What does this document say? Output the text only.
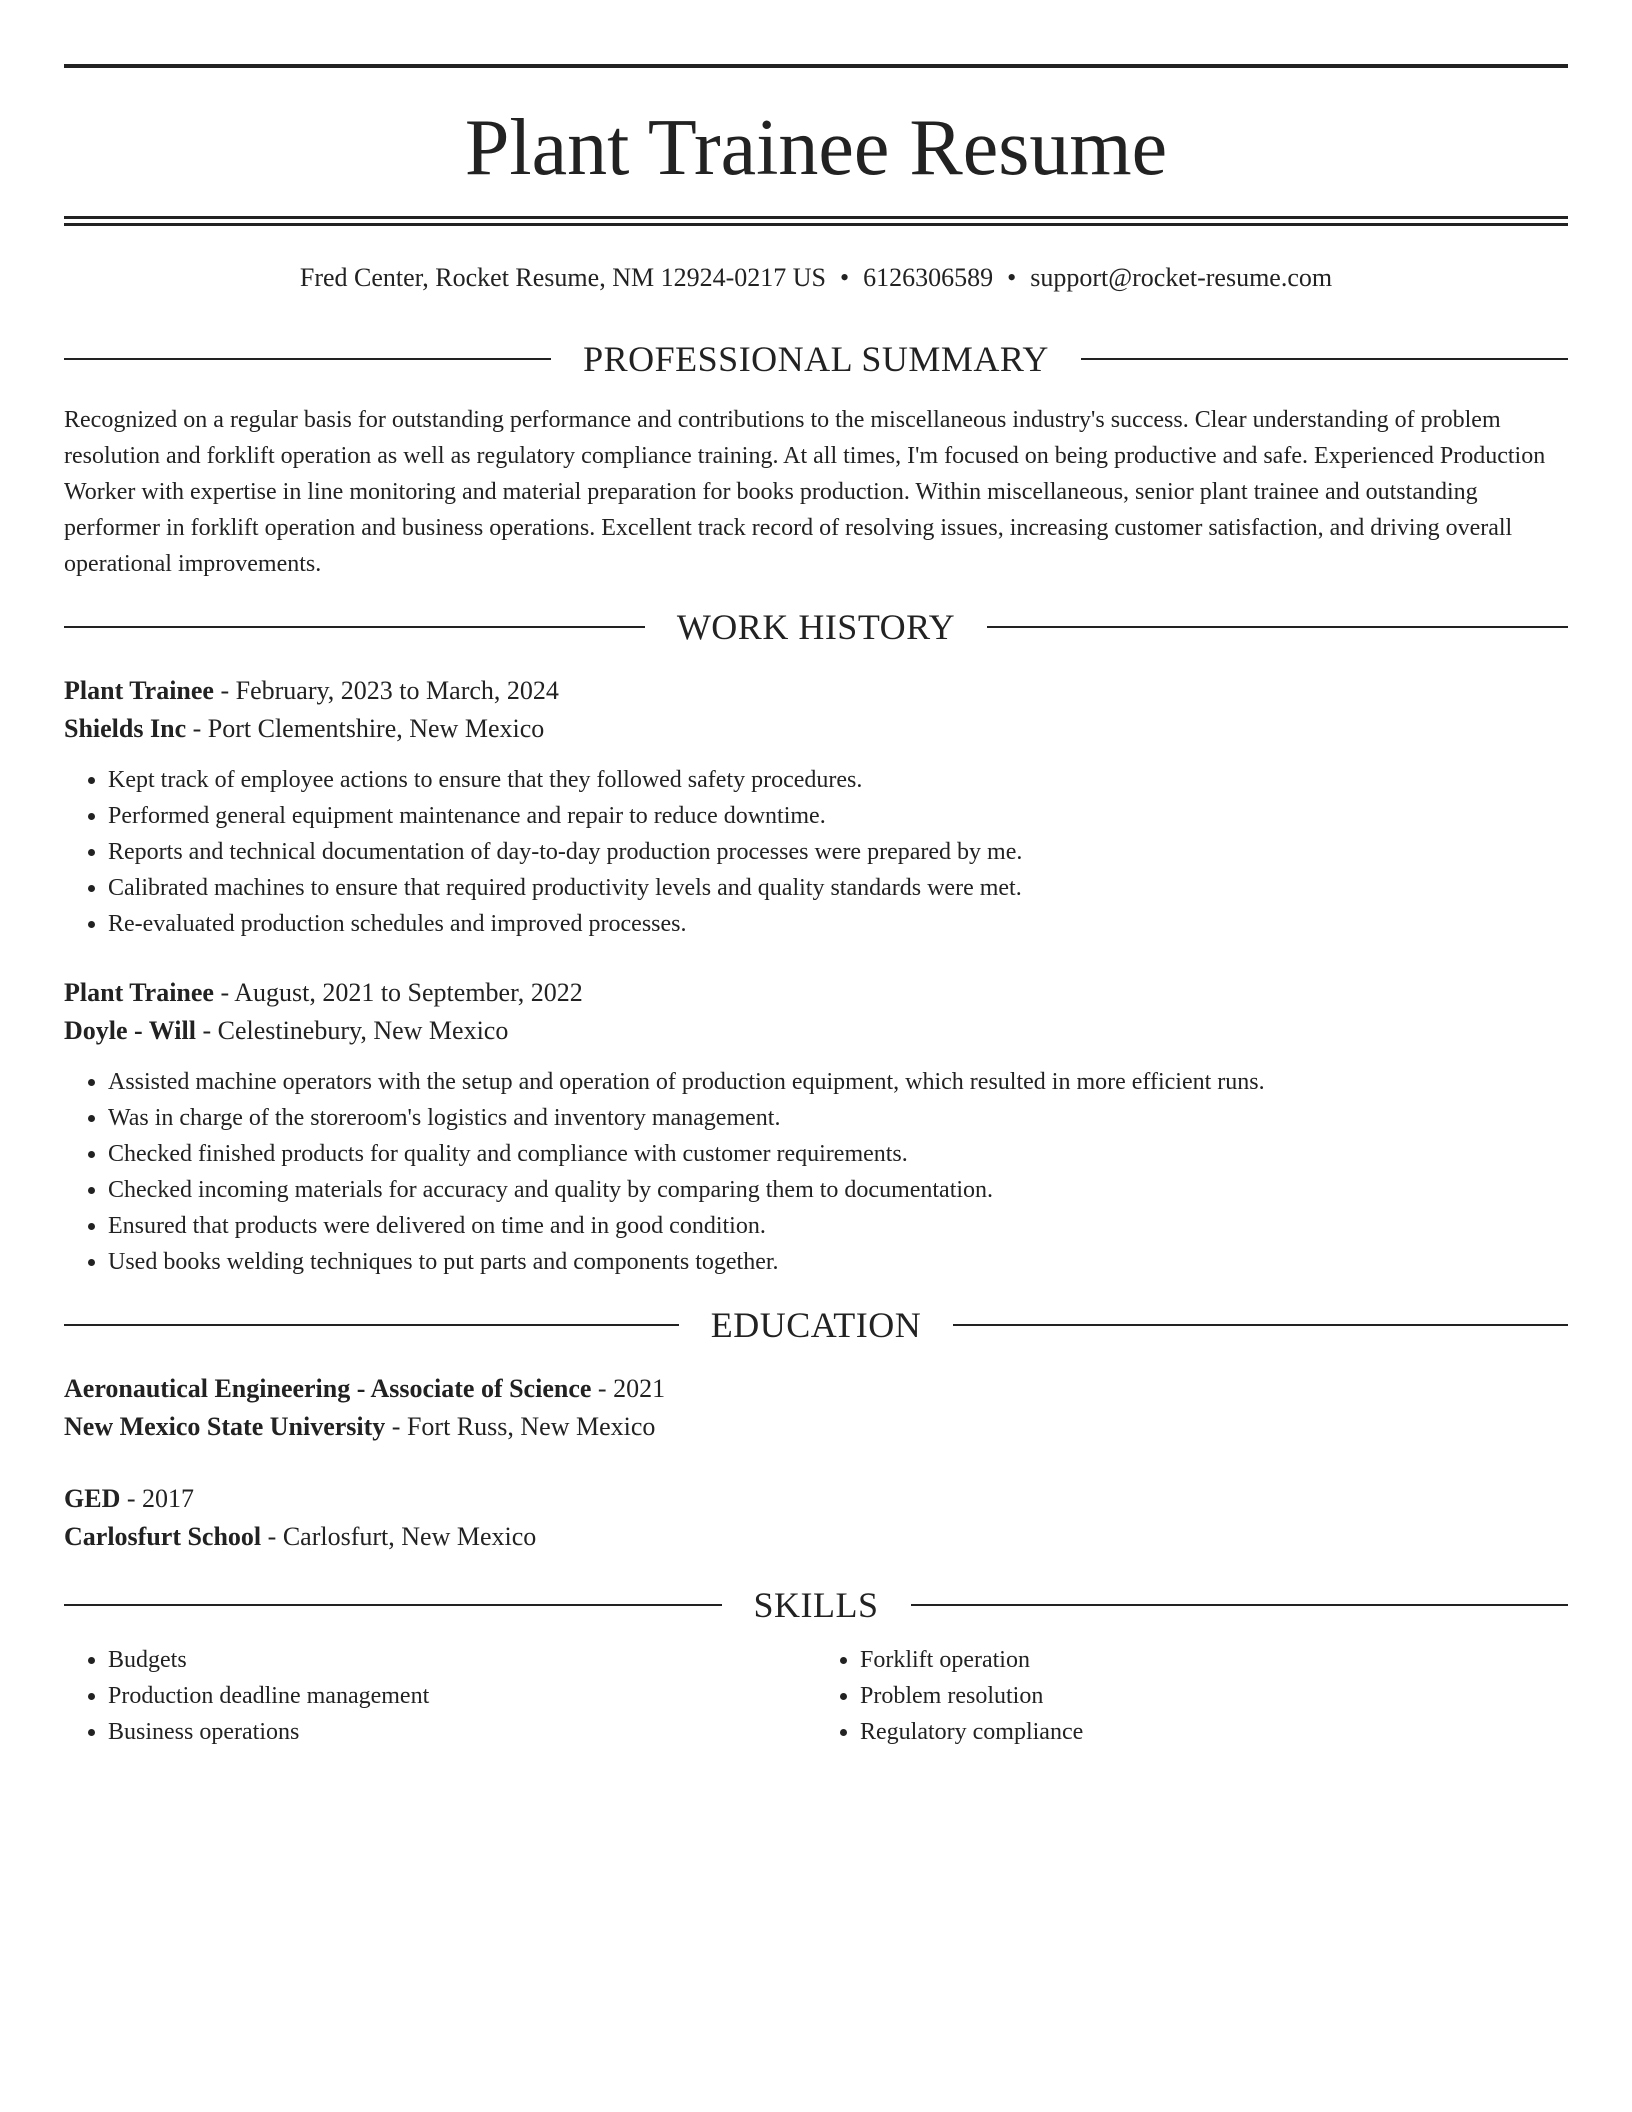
Plant Trainee Resume
Fred Center, Rocket Resume, NM 12924-0217 US • 6126306589 • support@rocket-resume.com
PROFESSIONAL SUMMARY
Recognized on a regular basis for outstanding performance and contributions to the miscellaneous industry's success. Clear understanding of problem resolution and forklift operation as well as regulatory compliance training. At all times, I'm focused on being productive and safe. Experienced Production Worker with expertise in line monitoring and material preparation for books production. Within miscellaneous, senior plant trainee and outstanding performer in forklift operation and business operations. Excellent track record of resolving issues, increasing customer satisfaction, and driving overall operational improvements.
WORK HISTORY
Plant Trainee - February, 2023 to March, 2024
Shields Inc - Port Clementshire, New Mexico
• Kept track of employee actions to ensure that they followed safety procedures.
• Performed general equipment maintenance and repair to reduce downtime.
• Reports and technical documentation of day-to-day production processes were prepared by me.
• Calibrated machines to ensure that required productivity levels and quality standards were met.
• Re-evaluated production schedules and improved processes.
Plant Trainee - August, 2021 to September, 2022
Doyle - Will - Celestinebury, New Mexico
• Assisted machine operators with the setup and operation of production equipment, which resulted in more efficient runs.
• Was in charge of the storeroom's logistics and inventory management.
• Checked finished products for quality and compliance with customer requirements.
• Checked incoming materials for accuracy and quality by comparing them to documentation.
• Ensured that products were delivered on time and in good condition.
• Used books welding techniques to put parts and components together.
EDUCATION
Aeronautical Engineering - Associate of Science - 2021
New Mexico State University - Fort Russ, New Mexico
GED - 2017
Carlosfurt School - Carlosfurt, New Mexico
SKILLS
• Budgets
• Production deadline management
• Business operations
• Forklift operation
• Problem resolution
• Regulatory compliance
